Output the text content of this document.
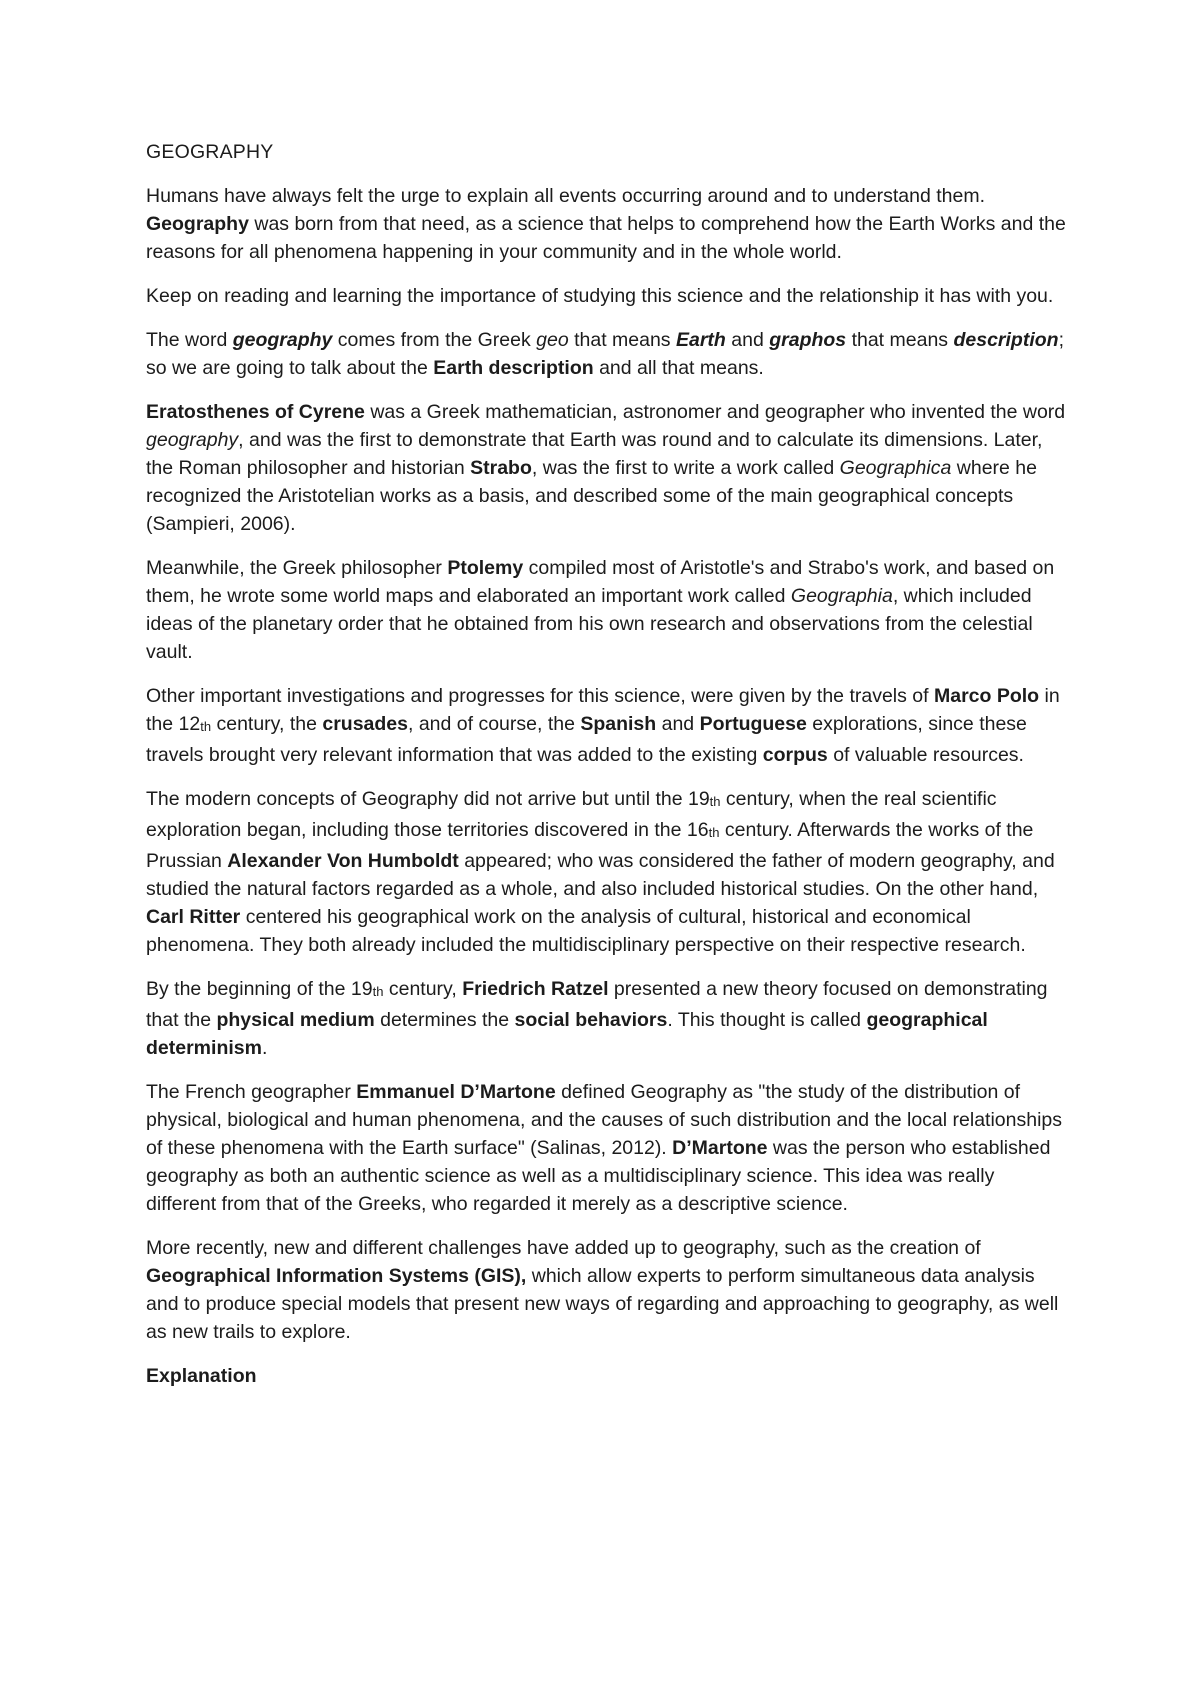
GEOGRAPHY

Humans have always felt the urge to explain all events occurring around and to understand them. Geography was born from that need, as a science that helps to comprehend how the Earth Works and the reasons for all phenomena happening in your community and in the whole world.

Keep on reading and learning the importance of studying this science and the relationship it has with you.

The word geography comes from the Greek geo that means Earth and graphos that means description; so we are going to talk about the Earth description and all that means.

Eratosthenes of Cyrene was a Greek mathematician, astronomer and geographer who invented the word geography, and was the first to demonstrate that Earth was round and to calculate its dimensions. Later, the Roman philosopher and historian Strabo, was the first to write a work called Geographica where he recognized the Aristotelian works as a basis, and described some of the main geographical concepts (Sampieri, 2006).

Meanwhile, the Greek philosopher Ptolemy compiled most of Aristotle's and Strabo's work, and based on them, he wrote some world maps and elaborated an important work called Geographia, which included ideas of the planetary order that he obtained from his own research and observations from the celestial vault.

Other important investigations and progresses for this science, were given by the travels of Marco Polo in the 12th century, the crusades, and of course, the Spanish and Portuguese explorations, since these travels brought very relevant information that was added to the existing corpus of valuable resources.

The modern concepts of Geography did not arrive but until the 19th century, when the real scientific exploration began, including those territories discovered in the 16th century. Afterwards the works of the Prussian Alexander Von Humboldt appeared; who was considered the father of modern geography, and studied the natural factors regarded as a whole, and also included historical studies. On the other hand, Carl Ritter centered his geographical work on the analysis of cultural, historical and economical phenomena. They both already included the multidisciplinary perspective on their respective research.

By the beginning of the 19th century, Friedrich Ratzel presented a new theory focused on demonstrating that the physical medium determines the social behaviors. This thought is called geographical determinism.

The French geographer Emmanuel D’Martone defined Geography as "the study of the distribution of physical, biological and human phenomena, and the causes of such distribution and the local relationships of these phenomena with the Earth surface" (Salinas, 2012). D’Martone was the person who established geography as both an authentic science as well as a multidisciplinary science. This idea was really different from that of the Greeks, who regarded it merely as a descriptive science.

More recently, new and different challenges have added up to geography, such as the creation of Geographical Information Systems (GIS), which allow experts to perform simultaneous data analysis and to produce special models that present new ways of regarding and approaching to geography, as well as new trails to explore.

Explanation
